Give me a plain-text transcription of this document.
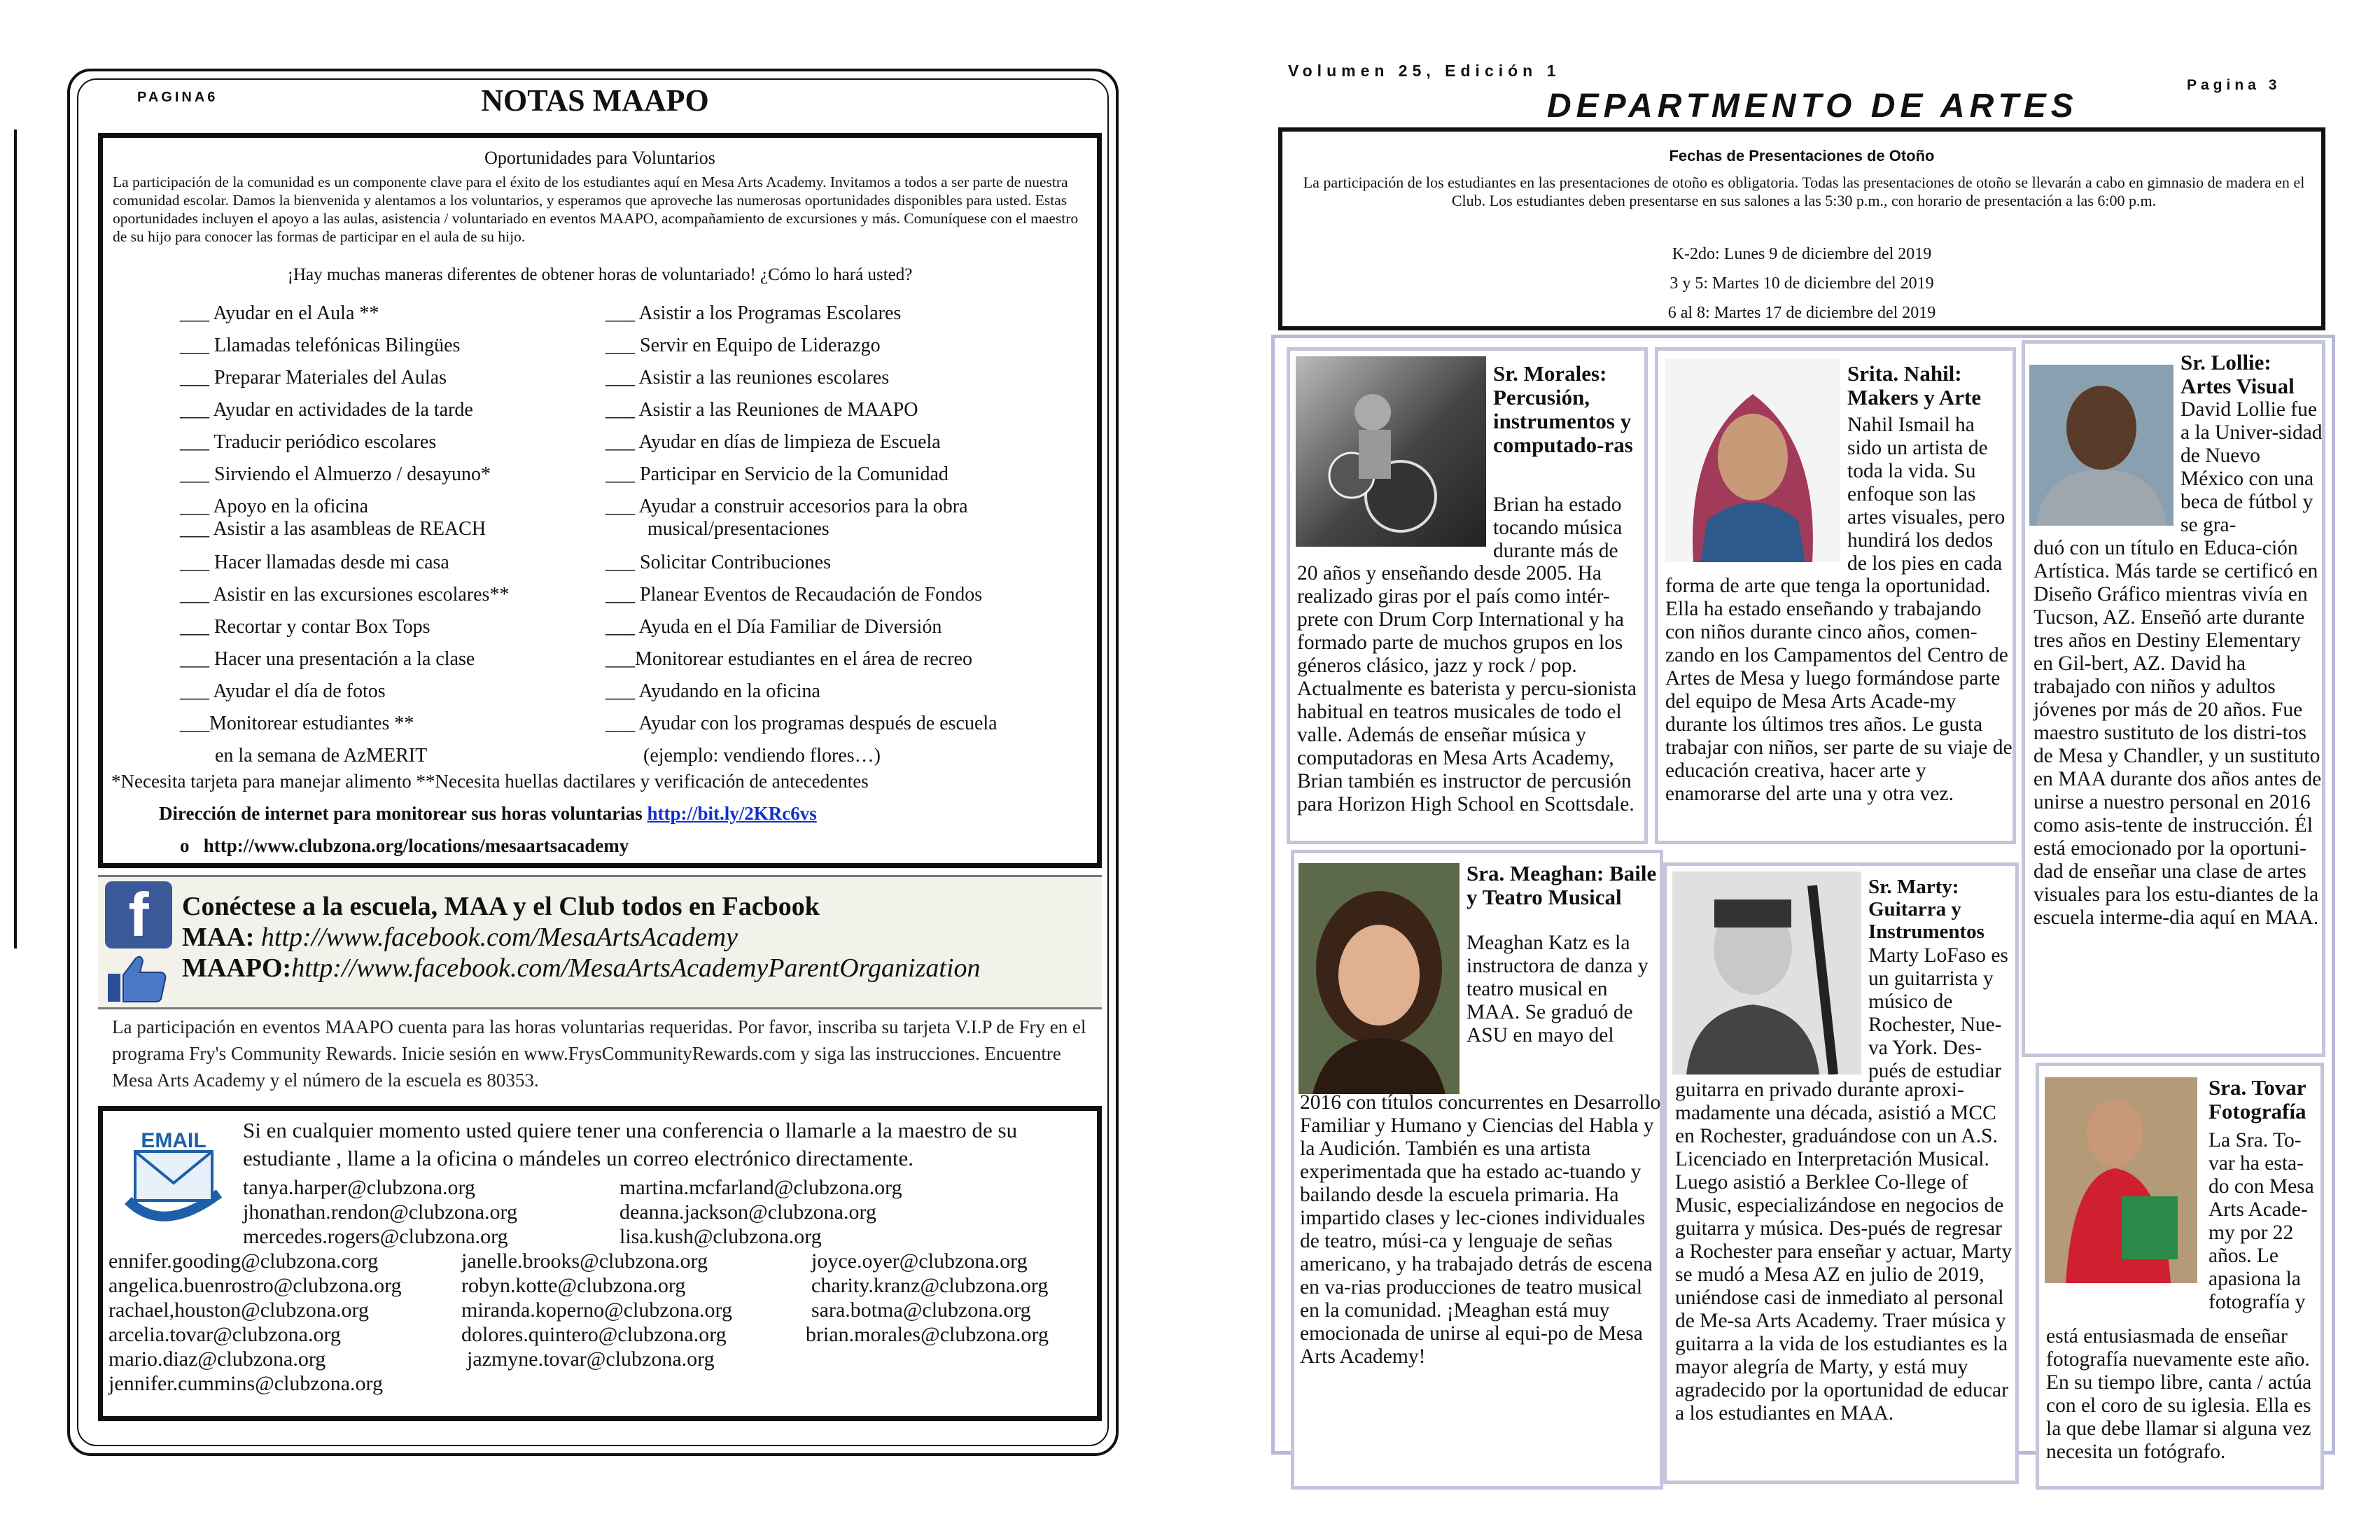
PAGINA6	NOTAS MAAPO
Oportunidades para Voluntarios
La participación de la comunidad es un componente clave para el éxito de los estudiantes aquí en Mesa Arts Academy. Invitamos a todos a ser parte de nuestra comunidad escolar. Damos la bienvenida y alentamos a los voluntarios, y esperamos que aproveche las numerosas oportunidades disponibles para usted. Estas oportunidades incluyen el apoyo a las aulas, asistencia / voluntariado en eventos MAAPO, acompañamiento de excursiones y más. Comuníquese con el maestro de su hijo para conocer las formas de participar en el aula de su hijo.
¡Hay muchas maneras diferentes de obtener horas de voluntariado! ¿Cómo lo hará usted?
___ Ayudar en el Aula **
___ Llamadas telefónicas Bilingües
___ Preparar Materiales del Aulas
___ Ayudar en actividades de la tarde
___ Traducir periódico escolares
___ Sirviendo el Almuerzo / desayuno*
___ Apoyo en la oficina
___ Asistir a las asambleas de REACH
___ Hacer llamadas desde mi casa
___ Asistir en las excursiones escolares**
___ Recortar y contar Box Tops
___ Hacer una presentación a la clase
___ Ayudar el día de fotos
___Monitorear estudiantes **
en la semana de AzMERIT
___ Asistir a los Programas Escolares
___ Servir en Equipo de Liderazgo
___ Asistir a las reuniones escolares
___ Asistir a las Reuniones de MAAPO
___ Ayudar en días de limpieza de Escuela
___ Participar en Servicio de la Comunidad
___ Ayudar a construir accesorios para la obra
musical/presentaciones
___ Solicitar Contribuciones
___ Planear Eventos de Recaudación de Fondos
___ Ayuda en el Día Familiar de Diversión
___Monitorear estudiantes en el área de recreo
___ Ayudando en la oficina
___ Ayudar con los programas después de escuela
(ejemplo: vendiendo flores…)
*Necesita tarjeta para manejar alimento **Necesita huellas dactilares y verificación de antecedentes
Dirección de internet para monitorear sus horas voluntarias http://bit.ly/2KRc6vs
o http://www.clubzona.org/locations/mesaartsacademy
f	Conéctese a la escuela, MAA y el Club todos en Facbook
MAA: http://www.facebook.com/MesaArtsAcademy
MAAPO:http://www.facebook.com/MesaArtsAcademyParentOrganization
La participación en eventos MAAPO cuenta para las horas voluntarias requeridas. Por favor, inscriba su tarjeta V.I.P de Fry en el programa Fry's Community Rewards. Inicie sesión en www.FrysCommunityRewards.com y siga las instrucciones. Encuentre Mesa Arts Academy y el número de la escuela es 80353.
EMAIL Si en cualquier momento usted quiere tener una conferencia o llamarle a la maestro de su estudiante , llame a la oficina o mándeles un correo electrónico directamente.
tanya.harper@clubzona.org
jhonathan.rendon@clubzona.org
mercedes.rogers@clubzona.org
martina.mcfarland@clubzona.org
deanna.jackson@clubzona.org
lisa.kush@clubzona.org
ennifer.gooding@clubzona.corg
angelica.buenrostro@clubzona.org
rachael,houston@clubzona.org
arcelia.tovar@clubzona.org
mario.diaz@clubzona.org
jennifer.cummins@clubzona.org
janelle.brooks@clubzona.org
robyn.kotte@clubzona.org
miranda.koperno@clubzona.org
dolores.quintero@clubzona.org
jazmyne.tovar@clubzona.org
joyce.oyer@clubzona.org
charity.kranz@clubzona.org
sara.botma@clubzona.org
brian.morales@clubzona.org
Volumen 25, Edición 1
Pagina 3
DEPARTMENTO DE ARTES
Fechas de Presentaciones de Otoño
La participación de los estudiantes en las presentaciones de otoño es obligatoria. Todas las presentaciones de otoño se llevarán a cabo en gimnasio de madera en el Club. Los estudiantes deben presentarse en sus salones a las 5:30 p.m., con horario de presentación a las 6:00 p.m.
K-2do: Lunes 9 de diciembre del 2019
3 y 5: Martes 10 de diciembre del 2019
6 al 8: Martes 17 de diciembre del 2019
Sr. Morales: Percusión, instrumentos y computado-ras
Brian ha estado tocando música durante más de
20 años y enseñando desde 2005. Ha realizado giras por el país como intér-prete con Drum Corp International y ha formado parte de muchos grupos en los géneros clásico, jazz y rock / pop. Actualmente es baterista y percu-sionista habitual en teatros musicales de todo el valle. Además de enseñar música y computadoras en Mesa Arts Academy, Brian también es instructor de percusión para Horizon High School en Scottsdale.
Srita. Nahil: Makers y Arte
Nahil Ismail ha sido un artista de toda la vida. Su enfoque son las artes visuales, pero hundirá los dedos de los pies en cada
forma de arte que tenga la oportunidad. Ella ha estado enseñando y trabajando con niños durante cinco años, comen-zando en los Campamentos del Centro de Artes de Mesa y luego formándose parte del equipo de Mesa Arts Acade-my durante los últimos tres años. Le gusta trabajar con niños, ser parte de su viaje de educación creativa, hacer arte y enamorarse del arte una y otra vez.
Sr. Lollie: Artes Visual
David Lollie fue a la Univer-sidad de Nuevo México con una beca de fútbol y se gra-
duó con un título en Educa-ción Artística. Más tarde se certificó en Diseño Gráfico mientras vivía en Tucson, AZ. Enseñó arte durante tres años en Destiny Elementary en Gil-bert, AZ. David ha trabajado con niños y adultos jóvenes por más de 20 años. Fue maestro sustituto de los distri-tos de Mesa y Chandler, y un sustituto en MAA durante dos años antes de unirse a nuestro personal en 2016 como asis-tente de instrucción. Él está emocionado por la oportuni-dad de enseñar una clase de artes visuales para los estu-diantes de la escuela interme-dia aquí en MAA.
Sra. Meaghan: Baile y Teatro Musical
Meaghan Katz es la instructora de danza y teatro musical en MAA. Se graduó de ASU en mayo del
2016 con títulos concurrentes en Desarrollo Familiar y Humano y Ciencias del Habla y la Audición. También es una artista experimentada que ha estado ac-tuando y bailando desde la escuela primaria. Ha impartido clases y lec-ciones individuales de teatro, músi-ca y lenguaje de señas americano, y ha trabajado detrás de escena en va-rias producciones de teatro musical en la comunidad. ¡Meaghan está muy emocionada de unirse al equi-po de Mesa Arts Academy!
Sr. Marty: Guitarra y Instrumentos
Marty LoFaso es un guitarrista y músico de Rochester, Nue-va York. Des-pués de estudiar
guitarra en privado durante aproxi-madamente una década, asistió a MCC en Rochester, graduándose con un A.S. Licenciado en Interpretación Musical. Luego asistió a Berklee Co-llege of Music, especializándose en negocios de guitarra y música. Des-pués de regresar a Rochester para enseñar y actuar, Marty se mudó a Mesa AZ en julio de 2019, uniéndose casi de inmediato al personal de Me-sa Arts Academy. Traer música y guitarra a la vida de los estudiantes es la mayor alegría de Marty, y está muy agradecido por la oportunidad de educar a los estudiantes en MAA.
Sra. Tovar Fotografía
La Sra. To-var ha esta-do con Mesa Arts Acade-my por 22 años. Le apasiona la fotografía y
está entusiasmada de enseñar fotografía nuevamente este año. En su tiempo libre, canta / actúa con el coro de su iglesia. Ella es la que debe llamar si alguna vez necesita un fotógrafo.
